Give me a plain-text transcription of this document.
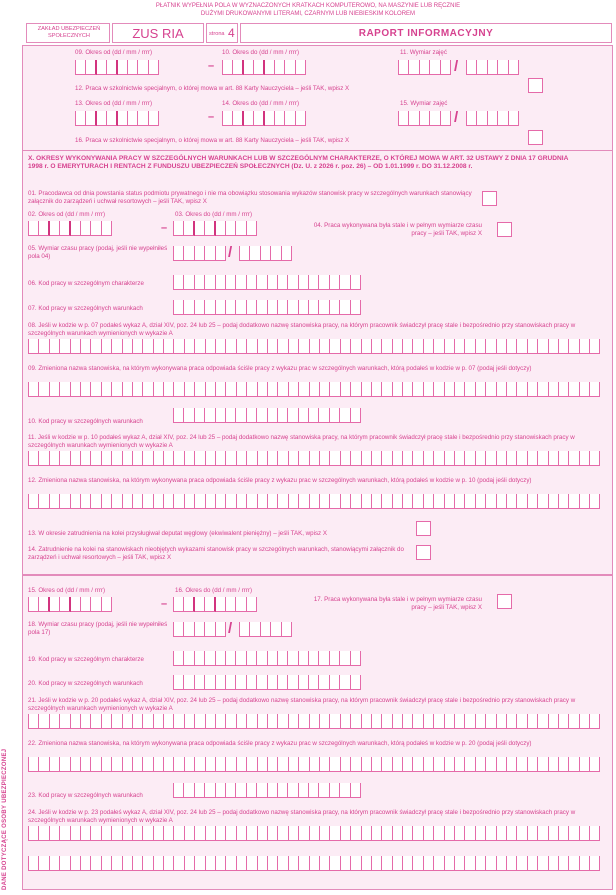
PŁATNIK WYPEŁNIA POLA W WYZNACZONYCH KRATKACH KOMPUTEROWO, NA MASZYNIE LUB RĘCZNIE
DUŻYMI DRUKOWANYMI LITERAMI, CZARNYM LUB NIEBIESKIM KOLOREM
ZAKŁAD UBEZPIECZEŃ SPOŁECZNYCH	ZUS RIA	strona 4	RAPORT INFORMACYJNY
DANE DOTYCZĄCE OSOBY UBEZPIECZONEJ
09. Okres od (dd / mm / rrrr)	10. Okres do (dd / mm / rrrr)	11. Wymiar zajęć
–	/
12. Praca w szkolnictwie specjalnym, o której mowa w art. 88 Karty Nauczyciela – jeśli TAK, wpisz X
13. Okres od (dd / mm / rrrr)	14. Okres do (dd / mm / rrrr)	15. Wymiar zajęć
–	/
16. Praca w szkolnictwie specjalnym, o której mowa w art. 88 Karty Nauczyciela – jeśli TAK, wpisz X
X. OKRESY WYKONYWANIA PRACY W SZCZEGÓLNYCH WARUNKACH LUB W SZCZEGÓLNYM CHARAKTERZE, O KTÓREJ MOWA W ART. 32 USTAWY Z DNIA 17 GRUDNIA 1998 r. O EMERYTURACH I RENTACH Z FUNDUSZU UBEZPIECZEŃ SPOŁECZNYCH (Dz. U. z 2026 r. poz. 26) – OD 1.01.1999 r. DO 31.12.2008 r.
01. Pracodawca od dnia powstania status podmiotu prywatnego i nie ma obowiązku stosowania wykazów stanowisk pracy w szczególnych warunkach stanowiący załącznik do zarządzeń i uchwał resortowych – jeśli TAK, wpisz X
02. Okres od (dd / mm / rrrr)	03. Okres do (dd / mm / rrrr)
–	04. Praca wykonywana była stale i w pełnym wymiarze czasu pracy – jeśli TAK, wpisz X
05. Wymiar czasu pracy (podaj, jeśli nie wypełniłeś pola 04)	/
06. Kod pracy w szczególnym charakterze
07. Kod pracy w szczególnych warunkach
08. Jeśli w kodzie w p. 07 podałeś wykaz A, dział XIV, poz. 24 lub 25 – podaj dodatkowo nazwę stanowiska pracy, na którym pracownik świadczył pracę stale i bezpośrednio przy stanowiskach pracy w szczególnych warunkach wymienionych w wykazie A
09. Zmieniona nazwa stanowiska, na którym wykonywana praca odpowiada ściśle pracy z wykazu prac w szczególnych warunkach, którą podałeś w kodzie w p. 07 (podaj jeśli dotyczy)
10. Kod pracy w szczególnych warunkach
11. Jeśli w kodzie w p. 10 podałeś wykaz A, dział XIV, poz. 24 lub 25 – podaj dodatkowo nazwę stanowiska pracy, na którym pracownik świadczył pracę stale i bezpośrednio przy stanowiskach pracy w szczególnych warunkach wymienionych w wykazie A
12. Zmieniona nazwa stanowiska, na którym wykonywana praca odpowiada ściśle pracy z wykazu prac w szczególnych warunkach, którą podałeś w kodzie w p. 10 (podaj jeśli dotyczy)
13. W okresie zatrudnienia na kolei przysługiwał deputat węglowy (ekwiwalent pieniężny) – jeśli TAK, wpisz X
14. Zatrudnienie na kolei na stanowiskach nieobjętych wykazami stanowisk pracy w szczególnych warunkach, stanowiącymi załącznik do zarządzeń i uchwał resortowych – jeśli TAK, wpisz X
15. Okres od (dd / mm / rrrr)	16. Okres do (dd / mm / rrrr)
–	17. Praca wykonywana była stale i w pełnym wymiarze czasu pracy – jeśli TAK, wpisz X
18. Wymiar czasu pracy (podaj, jeśli nie wypełniłeś pola 17)	/
19. Kod pracy w szczególnym charakterze
20. Kod pracy w szczególnych warunkach
21. Jeśli w kodzie w p. 20 podałeś wykaz A, dział XIV, poz. 24 lub 25 – podaj dodatkowo nazwę stanowiska pracy, na którym pracownik świadczył pracę stale i bezpośrednio przy stanowiskach pracy w szczególnych warunkach wymienionych w wykazie A
22. Zmieniona nazwa stanowiska, na którym wykonywana praca odpowiada ściśle pracy z wykazu prac w szczególnych warunkach, którą podałeś w kodzie w p. 20 (podaj jeśli dotyczy)
23. Kod pracy w szczególnych warunkach
24. Jeśli w kodzie w p. 23 podałeś wykaz A, dział XIV, poz. 24 lub 25 – podaj dodatkowo nazwę stanowiska pracy, na którym pracownik świadczył pracę stale i bezpośrednio przy stanowiskach pracy w szczególnych warunkach wymienionych w wykazie A
